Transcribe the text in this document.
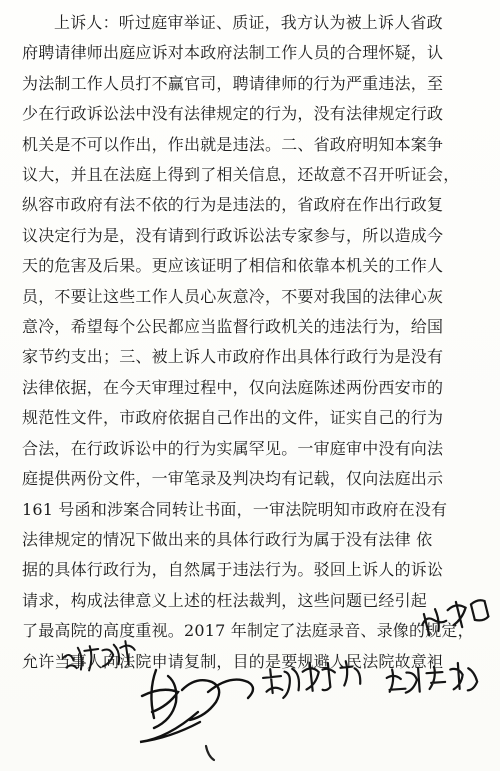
上诉人：听过庭审举证、质证，我方认为被上诉人省政
府聘请律师出庭应诉对本政府法制工作人员的合理怀疑，认
为法制工作人员打不赢官司，聘请律师的行为严重违法，至
少在行政诉讼法中没有法律规定的行为，没有法律规定行政
机关是不可以作出，作出就是违法。二、省政府明知本案争
议大，并且在法庭上得到了相关信息，还故意不召开听证会，
纵容市政府有法不依的行为是违法的，省政府在作出行政复
议决定行为是，没有请到行政诉讼法专家参与，所以造成今
天的危害及后果。更应该证明了相信和依靠本机关的工作人
员，不要让这些工作人员心灰意冷，不要对我国的法律心灰
意冷，希望每个公民都应当监督行政机关的违法行为，给国
家节约支出；三、被上诉人市政府作出具体行政行为是没有
法律依据，在今天审理过程中，仅向法庭陈述两份西安市的
规范性文件，市政府依据自己作出的文件，证实自己的行为
合法，在行政诉讼中的行为实属罕见。一审庭审中没有向法
庭提供两份文件，一审笔录及判决均有记载，仅向法庭出示
161 号函和涉案合同转让书面，一审法院明知市政府在没有
法律规定的情况下做出来的具体行政行为属于没有法律 依
据的具体行政行为，自然属于违法行为。驳回上诉人的诉讼
请求，构成法律意义上述的枉法裁判，这些问题已经引起
了最高院的高度重视。2017 年制定了法庭录音、录像的规定，
允许当事人向法院申请复制，目的是要规避人民法院故意袒
